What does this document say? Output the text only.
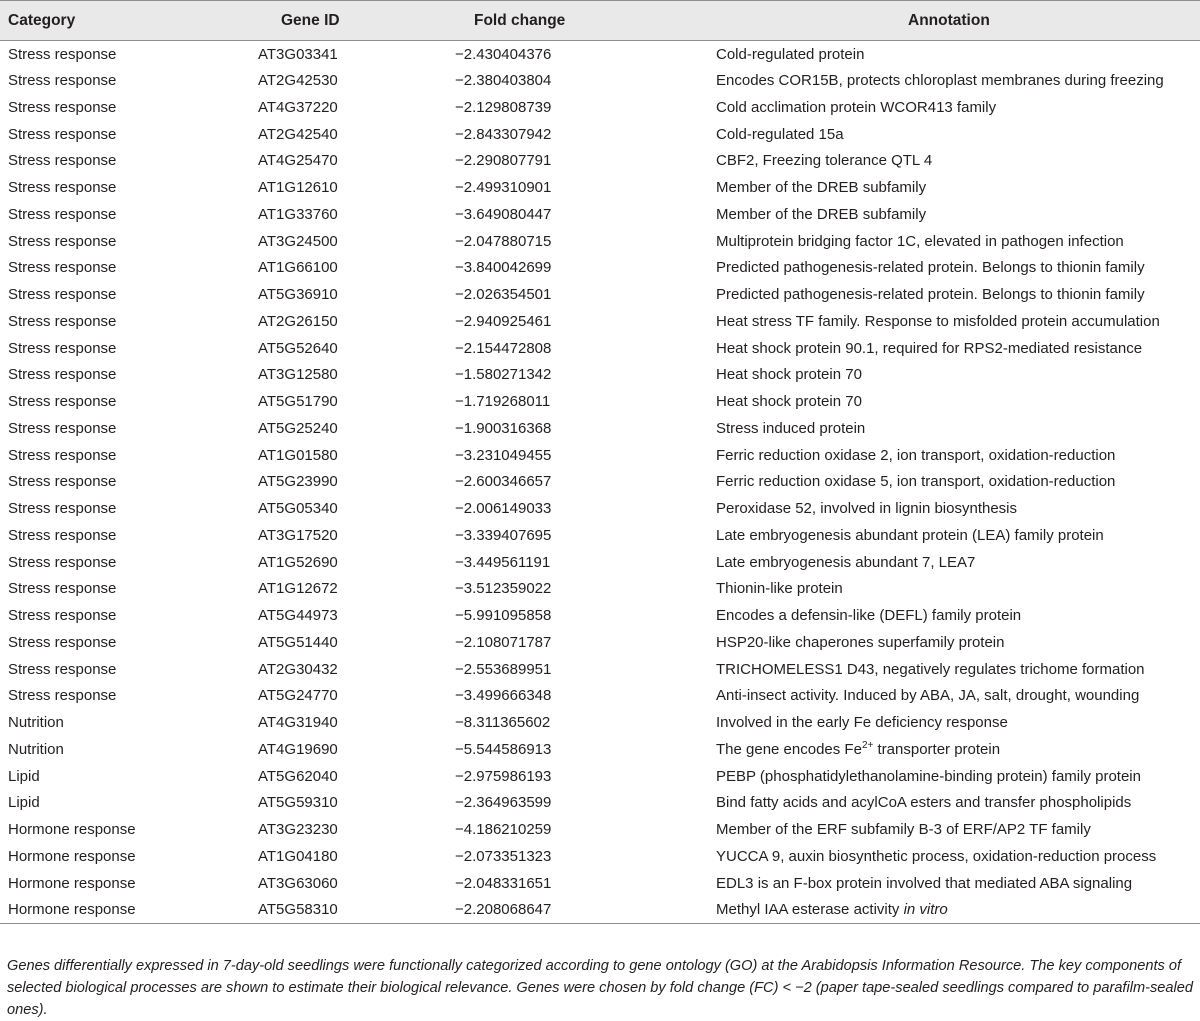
Category	Gene ID	Fold change	Annotation
Stress response	AT3G03341	−2.430404376	Cold-regulated protein
Stress response	AT2G42530	−2.380403804	Encodes COR15B, protects chloroplast membranes during freezing
Stress response	AT4G37220	−2.129808739	Cold acclimation protein WCOR413 family
Stress response	AT2G42540	−2.843307942	Cold-regulated 15a
Stress response	AT4G25470	−2.290807791	CBF2, Freezing tolerance QTL 4
Stress response	AT1G12610	−2.499310901	Member of the DREB subfamily
Stress response	AT1G33760	−3.649080447	Member of the DREB subfamily
Stress response	AT3G24500	−2.047880715	Multiprotein bridging factor 1C, elevated in pathogen infection
Stress response	AT1G66100	−3.840042699	Predicted pathogenesis-related protein. Belongs to thionin family
Stress response	AT5G36910	−2.026354501	Predicted pathogenesis-related protein. Belongs to thionin family
Stress response	AT2G26150	−2.940925461	Heat stress TF family. Response to misfolded protein accumulation
Stress response	AT5G52640	−2.154472808	Heat shock protein 90.1, required for RPS2-mediated resistance
Stress response	AT3G12580	−1.580271342	Heat shock protein 70
Stress response	AT5G51790	−1.719268011	Heat shock protein 70
Stress response	AT5G25240	−1.900316368	Stress induced protein
Stress response	AT1G01580	−3.231049455	Ferric reduction oxidase 2, ion transport, oxidation-reduction
Stress response	AT5G23990	−2.600346657	Ferric reduction oxidase 5, ion transport, oxidation-reduction
Stress response	AT5G05340	−2.006149033	Peroxidase 52, involved in lignin biosynthesis
Stress response	AT3G17520	−3.339407695	Late embryogenesis abundant protein (LEA) family protein
Stress response	AT1G52690	−3.449561191	Late embryogenesis abundant 7, LEA7
Stress response	AT1G12672	−3.512359022	Thionin-like protein
Stress response	AT5G44973	−5.991095858	Encodes a defensin-like (DEFL) family protein
Stress response	AT5G51440	−2.108071787	HSP20-like chaperones superfamily protein
Stress response	AT2G30432	−2.553689951	TRICHOMELESS1 D43, negatively regulates trichome formation
Stress response	AT5G24770	−3.499666348	Anti-insect activity. Induced by ABA, JA, salt, drought, wounding
Nutrition	AT4G31940	−8.311365602	Involved in the early Fe deficiency response
Nutrition	AT4G19690	−5.544586913	The gene encodes $Fe^{2+}$ transporter protein
Lipid	AT5G62040	−2.975986193	PEBP (phosphatidylethanolamine-binding protein) family protein
Lipid	AT5G59310	−2.364963599	Bind fatty acids and acylCoA esters and transfer phospholipids
Hormone response	AT3G23230	−4.186210259	Member of the ERF subfamily B-3 of ERF/AP2 TF family
Hormone response	AT1G04180	−2.073351323	YUCCA 9, auxin biosynthetic process, oxidation-reduction process
Hormone response	AT3G63060	−2.048331651	EDL3 is an F-box protein involved that mediated ABA signaling
Hormone response	AT5G58310	−2.208068647	Methyl IAA esterase activity in vitro

Genes differentially expressed in 7-day-old seedlings were functionally categorized according to gene ontology (GO) at the Arabidopsis Information Resource. The key components of selected biological processes are shown to estimate their biological relevance. Genes were chosen by fold change (FC) < −2 (paper tape-sealed seedlings compared to parafilm-sealed ones).
